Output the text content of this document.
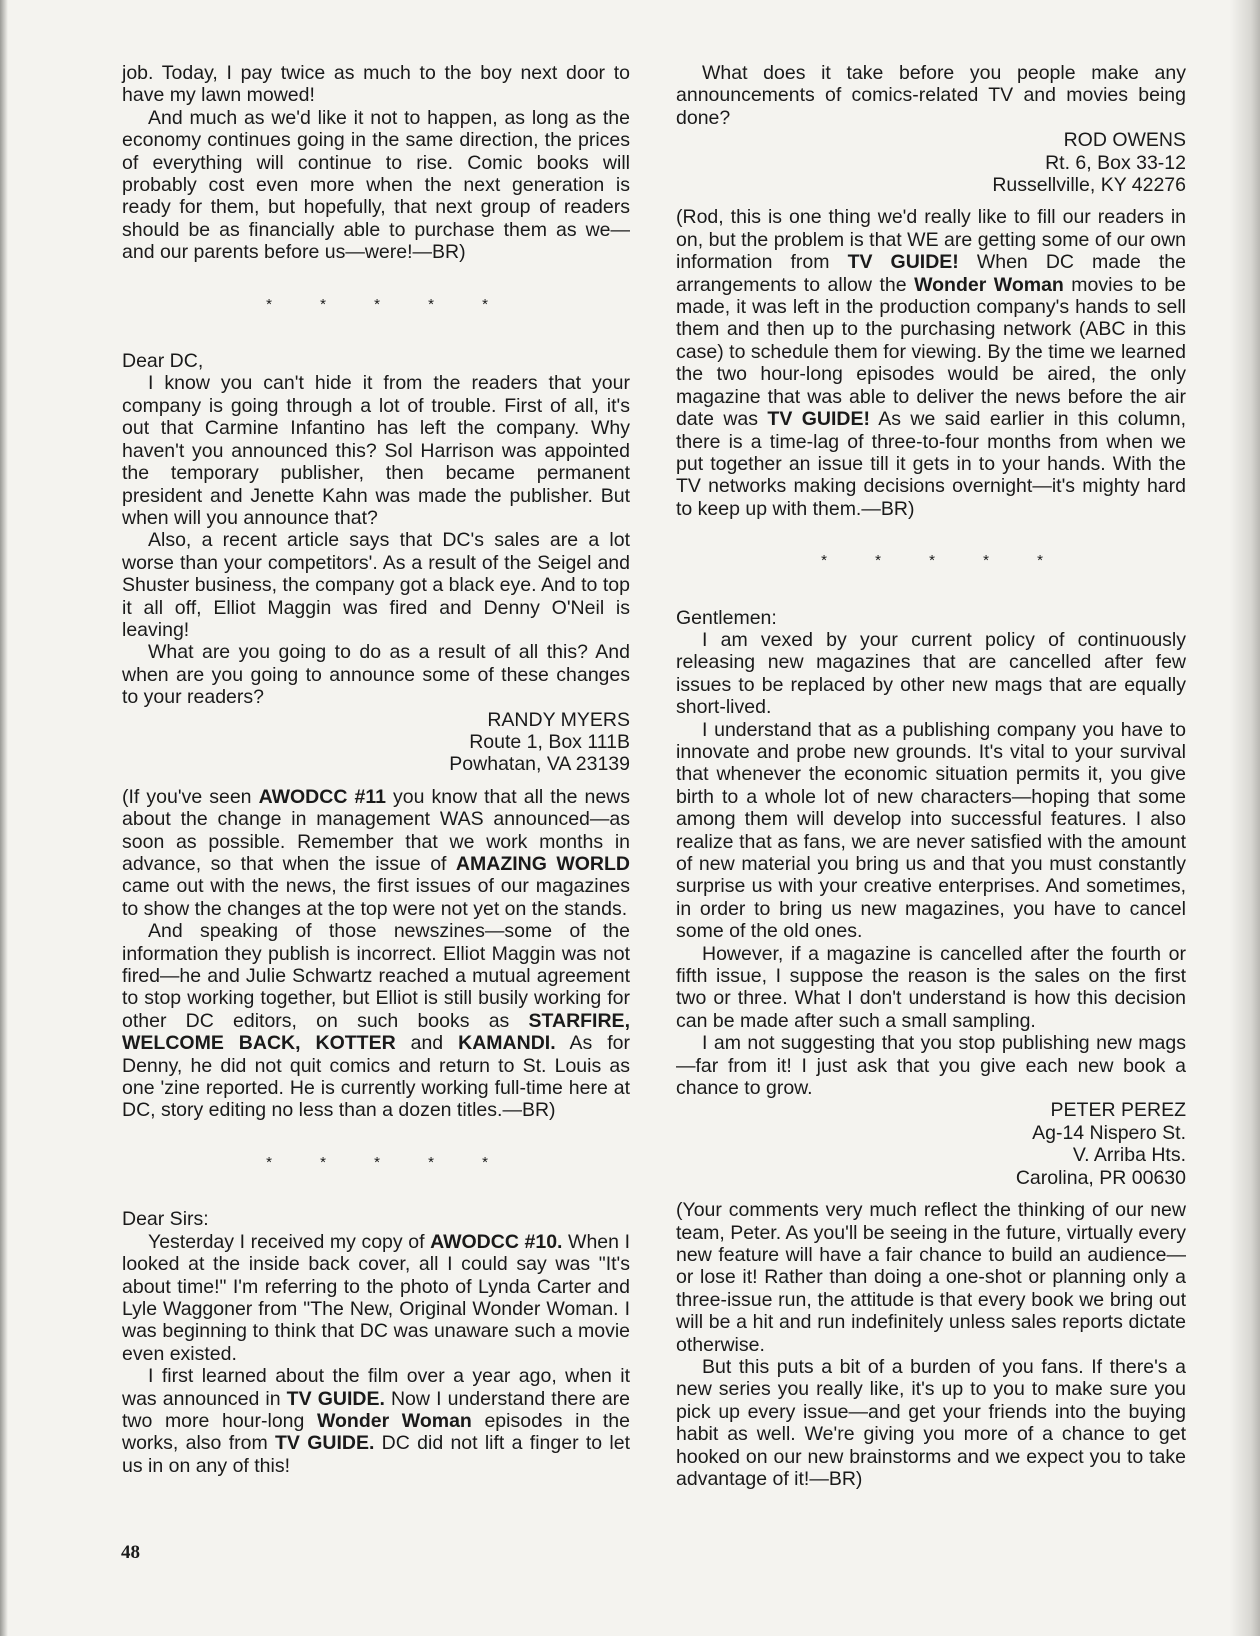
job. Today, I pay twice as much to the boy next door to have my lawn mowed!

And much as we'd like it not to happen, as long as the economy continues going in the same direction, the prices of everything will continue to rise. Comic books will probably cost even more when the next generation is ready for them, but hopefully, that next group of readers should be as financially able to purchase them as we—and our parents before us—were!—BR)

* * * * *

Dear DC,

I know you can't hide it from the readers that your company is going through a lot of trouble. First of all, it's out that Carmine Infantino has left the company. Why haven't you announced this? Sol Harrison was appointed the temporary publisher, then became permanent president and Jenette Kahn was made the publisher. But when will you announce that?

Also, a recent article says that DC's sales are a lot worse than your competitors'. As a result of the Seigel and Shuster business, the company got a black eye. And to top it all off, Elliot Maggin was fired and Denny O'Neil is leaving!

What are you going to do as a result of all this? And when are you going to announce some of these changes to your readers?

RANDY MYERS

Route 1, Box 111B

Powhatan, VA 23139

(If you've seen AWODCC #11 you know that all the news about the change in management WAS announced—as soon as possible. Remember that we work months in advance, so that when the issue of AMAZING WORLD came out with the news, the first issues of our magazines to show the changes at the top were not yet on the stands.

And speaking of those newszines—some of the information they publish is incorrect. Elliot Maggin was not fired—he and Julie Schwartz reached a mutual agreement to stop working together, but Elliot is still busily working for other DC editors, on such books as STARFIRE, WELCOME BACK, KOTTER and KAMANDI. As for Denny, he did not quit comics and return to St. Louis as one 'zine reported. He is currently working full-time here at DC, story editing no less than a dozen titles.—BR)

* * * * *

Dear Sirs:

Yesterday I received my copy of AWODCC #10. When I looked at the inside back cover, all I could say was "It's about time!" I'm referring to the photo of Lynda Carter and Lyle Waggoner from "The New, Original Wonder Woman. I was beginning to think that DC was unaware such a movie even existed.

I first learned about the film over a year ago, when it was announced in TV GUIDE. Now I understand there are two more hour-long Wonder Woman episodes in the works, also from TV GUIDE. DC did not lift a finger to let us in on any of this!

What does it take before you people make any announcements of comics-related TV and movies being done?

ROD OWENS

Rt. 6, Box 33-12

Russellville, KY 42276

(Rod, this is one thing we'd really like to fill our readers in on, but the problem is that WE are getting some of our own information from TV GUIDE! When DC made the arrangements to allow the Wonder Woman movies to be made, it was left in the production company's hands to sell them and then up to the purchasing network (ABC in this case) to schedule them for viewing. By the time we learned the two hour-long episodes would be aired, the only magazine that was able to deliver the news before the air date was TV GUIDE! As we said earlier in this column, there is a time-lag of three-to-four months from when we put together an issue till it gets in to your hands. With the TV networks making decisions overnight—it's mighty hard to keep up with them.—BR)

* * * * *

Gentlemen:

I am vexed by your current policy of continuously releasing new magazines that are cancelled after few issues to be replaced by other new mags that are equally short-lived.

I understand that as a publishing company you have to innovate and probe new grounds. It's vital to your survival that whenever the economic situation permits it, you give birth to a whole lot of new characters—hoping that some among them will develop into successful features. I also realize that as fans, we are never satisfied with the amount of new material you bring us and that you must constantly surprise us with your creative enterprises. And sometimes, in order to bring us new magazines, you have to cancel some of the old ones.

However, if a magazine is cancelled after the fourth or fifth issue, I suppose the reason is the sales on the first two or three. What I don't understand is how this decision can be made after such a small sampling.

I am not suggesting that you stop publishing new mags—far from it! I just ask that you give each new book a chance to grow.

PETER PEREZ

Ag-14 Nispero St.

V. Arriba Hts.

Carolina, PR 00630

(Your comments very much reflect the thinking of our new team, Peter. As you'll be seeing in the future, virtually every new feature will have a fair chance to build an audience—or lose it! Rather than doing a one-shot or planning only a three-issue run, the attitude is that every book we bring out will be a hit and run indefinitely unless sales reports dictate otherwise.

But this puts a bit of a burden of you fans. If there's a new series you really like, it's up to you to make sure you pick up every issue—and get your friends into the buying habit as well. We're giving you more of a chance to get hooked on our new brainstorms and we expect you to take advantage of it!—BR)

48
